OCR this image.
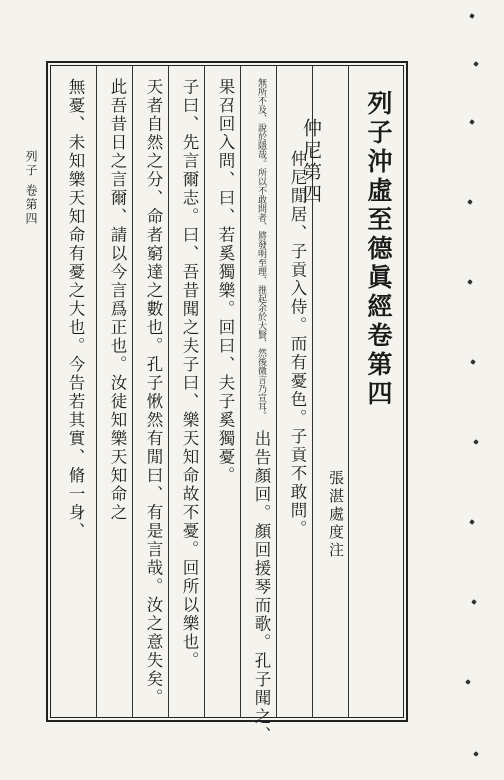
列子沖虛至德眞經卷第四
張湛處度注
仲尼第四
仲尼閒居、子貢入侍。而有憂色。子貢不敢問。
無所不及、說於隱哉。所以不敢問者、將發明至理、推起余於大賢、然後微言乃宣耳。
出告顏回。顏回援琴而歌。孔子聞之、
果召回入問、曰、若奚獨樂。回曰、夫子奚獨憂。
子曰、先言爾志。曰、吾昔聞之夫子曰、樂天知命故不憂。回所以樂也。
天者自然之分、命者窮達之數也。孔子愀然有閒曰、有是言哉。汝之意失矣。
此吾昔日之言爾、請以今言爲正也。汝徒知樂天知命之
無憂、未知樂天知命有憂之大也。今告若其實、脩一身、
列子 卷第四
